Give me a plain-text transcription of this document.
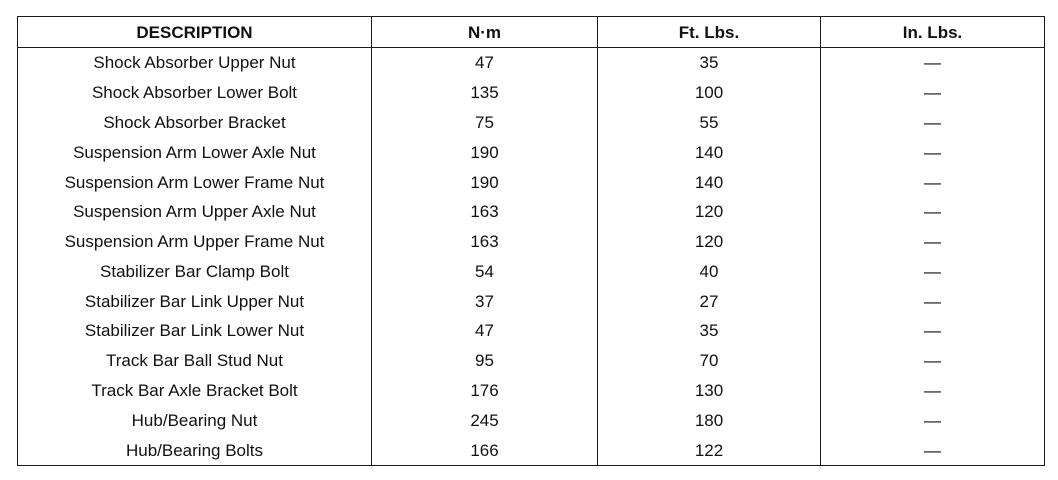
DESCRIPTION	N·m	Ft. Lbs.	In. Lbs.
Shock Absorber Upper Nut	47	35	—
Shock Absorber Lower Bolt	135	100	—
Shock Absorber Bracket	75	55	—
Suspension Arm Lower Axle Nut	190	140	—
Suspension Arm Lower Frame Nut	190	140	—
Suspension Arm Upper Axle Nut	163	120	—
Suspension Arm Upper Frame Nut	163	120	—
Stabilizer Bar Clamp Bolt	54	40	—
Stabilizer Bar Link Upper Nut	37	27	—
Stabilizer Bar Link Lower Nut	47	35	—
Track Bar Ball Stud Nut	95	70	—
Track Bar Axle Bracket Bolt	176	130	—
Hub/Bearing Nut	245	180	—
Hub/Bearing Bolts	166	122	—
